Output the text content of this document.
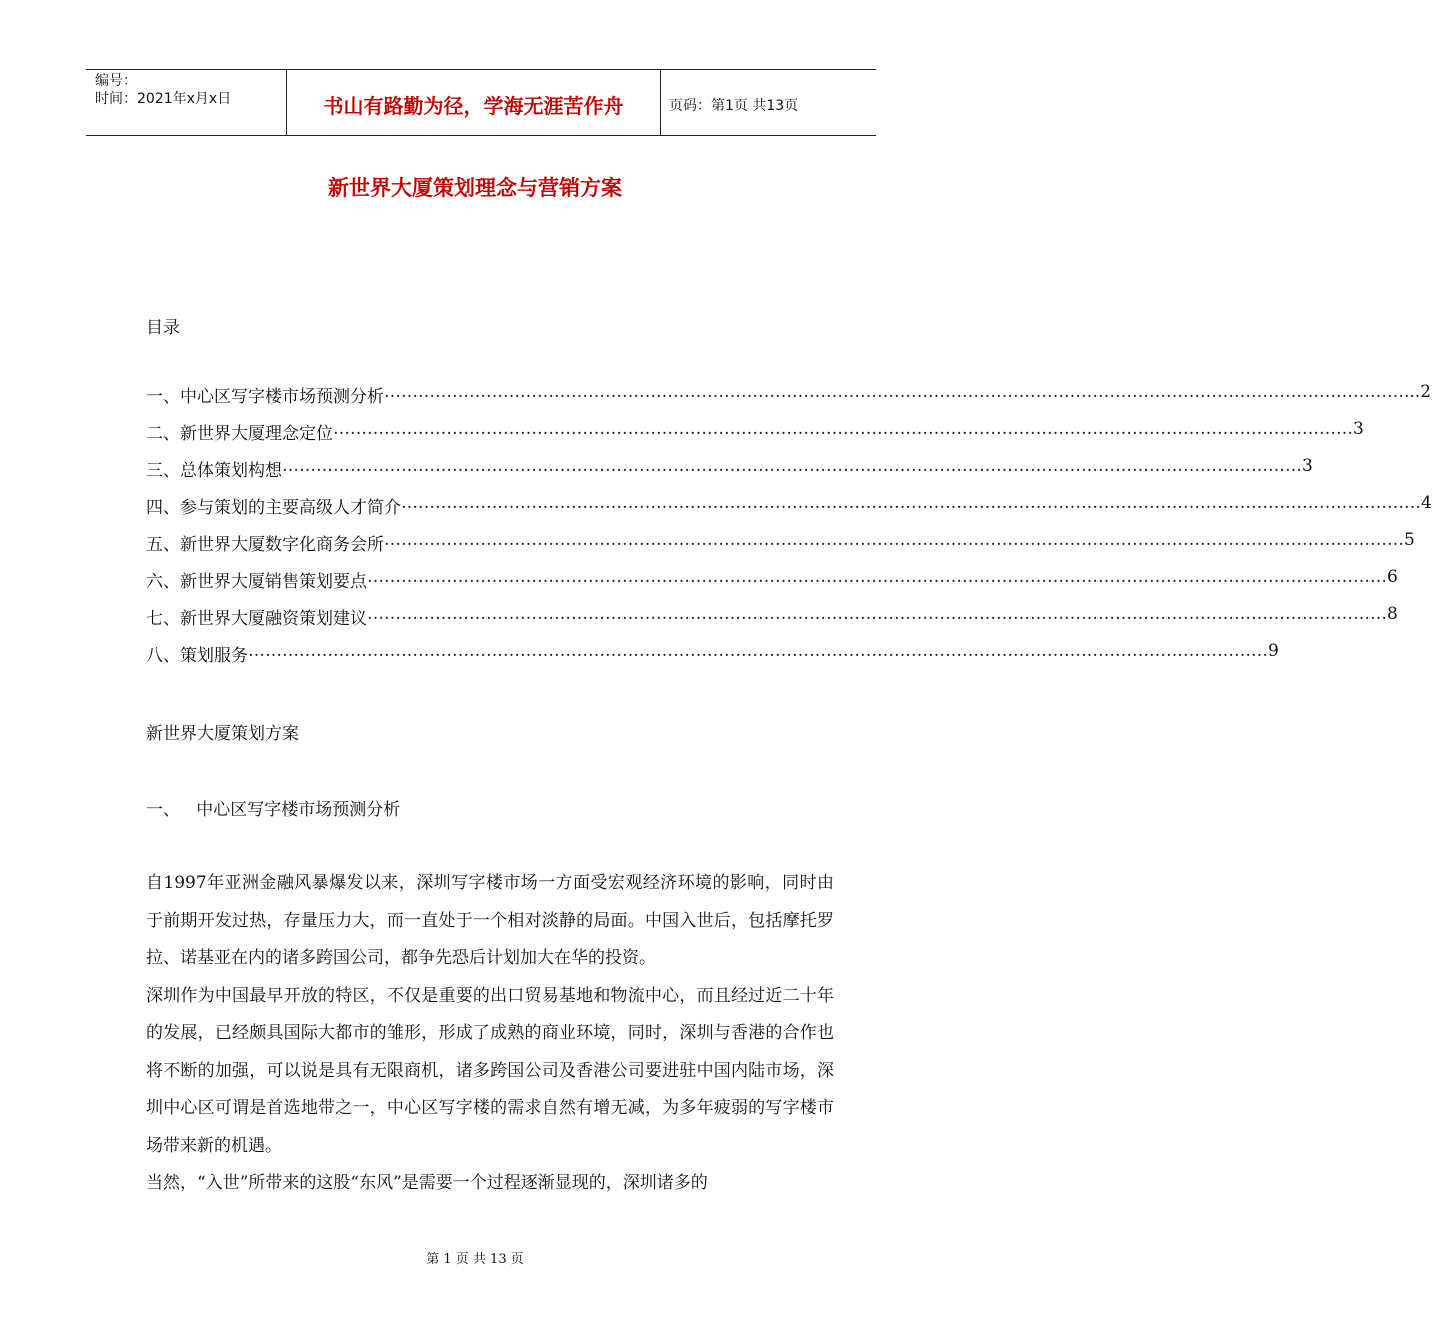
编号：
时间：2021年x月x日	书山有路勤为径，学海无涯苦作舟	页码：第1页 共13页
新世界大厦策划理念与营销方案
目录
一、中心区写字楼市场预测分析 ……………………………………………………………………………………………………………………………………………………………… ...2
二、新世界大厦理念定位 ……………………………………………………………………………………………………………………………………………………………… 3
三、总体策划构想 ……………………………………………………………………………………………………………………………………………………………… 3
四、参与策划的主要高级人才简介 ……………………………………………………………………………………………………………………………………………………………… 4
五、新世界大厦数字化商务会所 ……………………………………………………………………………………………………………………………………………………………… 5
六、新世界大厦销售策划要点 ……………………………………………………………………………………………………………………………………………………………… 6
七、新世界大厦融资策划建议 ……………………………………………………………………………………………………………………………………………………………… 8
八、策划服务 ……………………………………………………………………………………………………………………………………………………………… 9
新世界大厦策划方案
一、   中心区写字楼市场预测分析

自1997年亚洲金融风暴爆发以来，深圳写字楼市场一方面受宏观经济环境的影响，同时由于前期开发过热，存量压力大，而一直处于一个相对淡静的局面。中国入世后，包括摩托罗拉、诺基亚在内的诸多跨国公司，都争先恐后计划加大在华的投资。

深圳作为中国最早开放的特区，不仅是重要的出口贸易基地和物流中心，而且经过近二十年的发展，已经颇具国际大都市的雏形，形成了成熟的商业环境，同时，深圳与香港的合作也将不断的加强，可以说是具有无限商机，诸多跨国公司及香港公司要进驻中国内陆市场，深圳中心区可谓是首选地带之一，中心区写字楼的需求自然有增无减，为多年疲弱的写字楼市场带来新的机遇。

当然，“入世”所带来的这股“东风”是需要一个过程逐渐显现的，深圳诸多的

第 1 页 共 13 页
